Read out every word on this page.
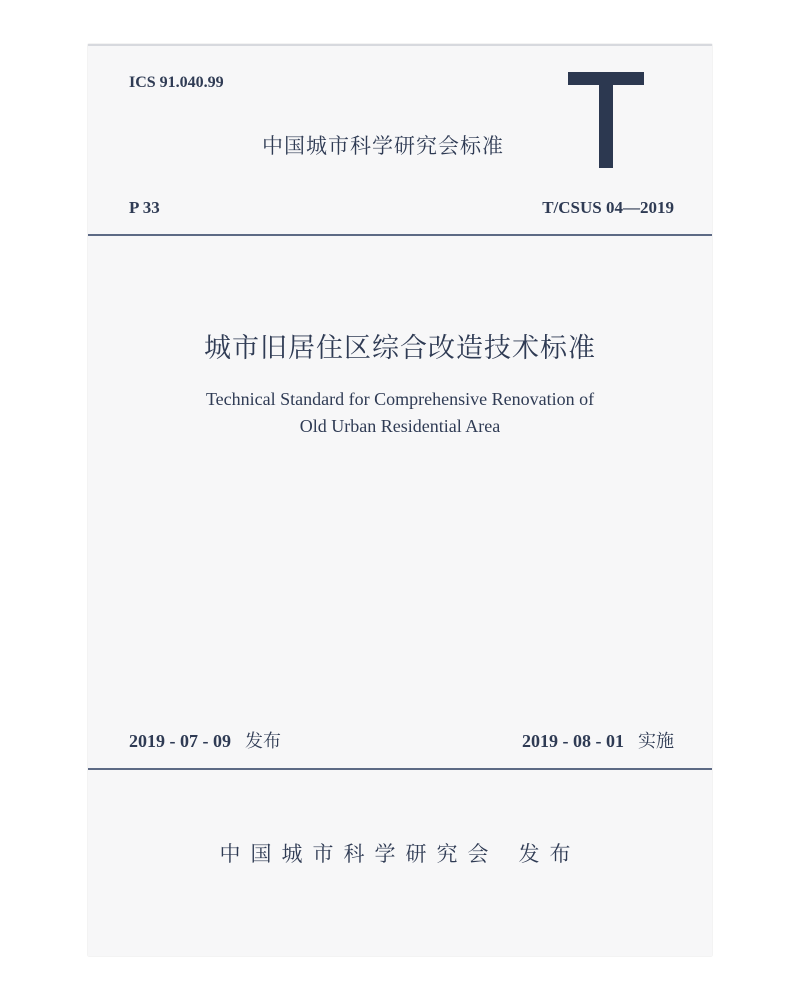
ICS 91.040.99
中国城市科学研究会标准
P 33	T/CSUS 04—2019
城市旧居住区综合改造技术标准
Technical Standard for Comprehensive Renovation of
Old Urban Residential Area
2019 - 07 - 09 发布	2019 - 08 - 01 实施
中国城市科学研究会 发布
